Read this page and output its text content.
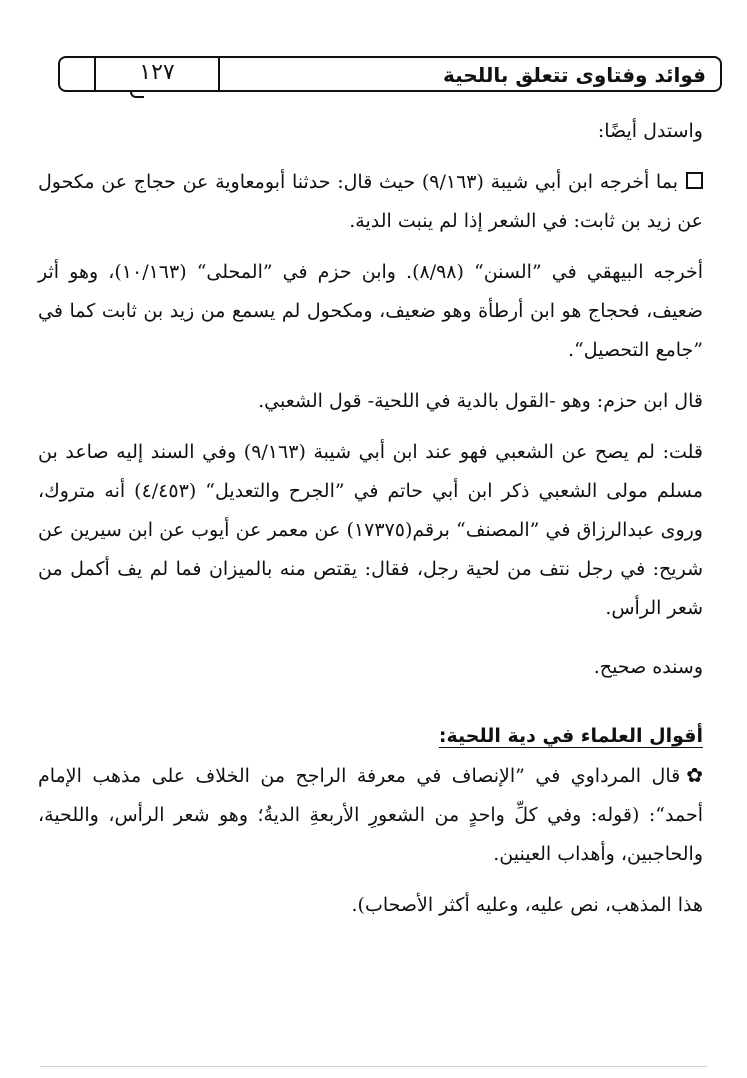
فوائد وفتاوى تتعلق باللحية
١٢٧

واستدل أيضًا:

بما أخرجه ابن أبي شيبة (٩/١٦٣) حيث قال: حدثنا أبومعاوية عن حجاج عن مكحول عن زيد بن ثابت: في الشعر إذا لم ينبت الدية.

أخرجه البيهقي في ”السنن“ (٨/٩٨). وابن حزم في ”المحلى“ (١٠/١٦٣)، وهو أثر ضعيف، فحجاج هو ابن أرطأة وهو ضعيف، ومكحول لم يسمع من زيد بن ثابت كما في ”جامع التحصيل“.

قال ابن حزم: وهو -القول بالدية في اللحية- قول الشعبي.

قلت: لم يصح عن الشعبي فهو عند ابن أبي شيبة (٩/١٦٣) وفي السند إليه صاعد بن مسلم مولى الشعبي ذكر ابن أبي حاتم في ”الجرح والتعديل“ (٤/٤٥٣) أنه متروك، وروى عبدالرزاق في ”المصنف“ برقم(١٧٣٧٥) عن معمر عن أيوب عن ابن سيرين عن شريح: في رجل نتف من لحية رجل، فقال: يقتص منه بالميزان فما لم يف أكمل من شعر الرأس.

وسنده صحيح.

أقوال العلماء في دية اللحية:

✿قال المرداوي في ”الإنصاف في معرفة الراجح من الخلاف على مذهب الإمام أحمد“: (قوله: وفي كلِّ واحدٍ من الشعورِ الأربعةِ الديةُ؛ وهو شعر الرأس، واللحية، والحاجبين، وأهداب العينين.

هذا المذهب، نص عليه، وعليه أكثر الأصحاب).
